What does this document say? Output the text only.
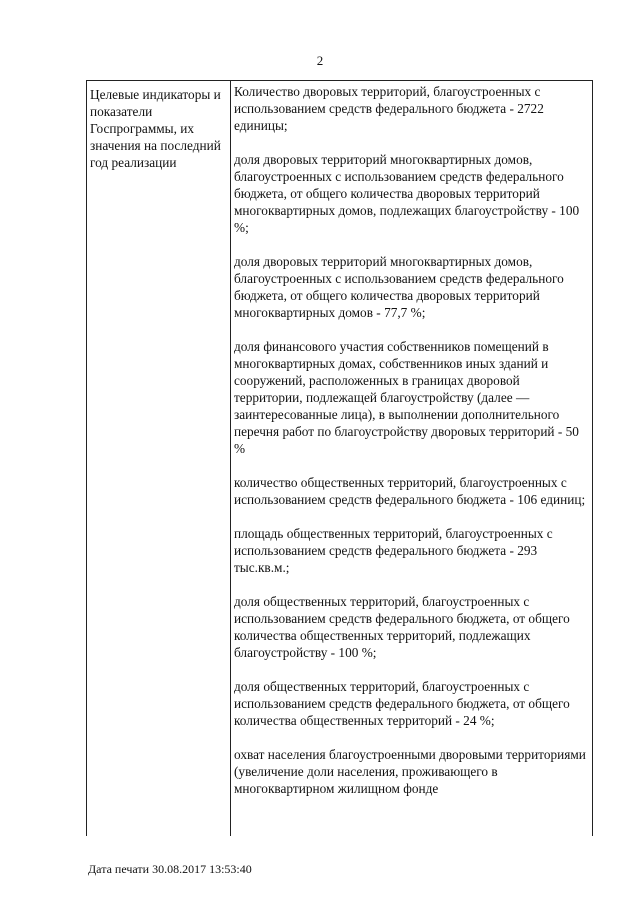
2
Целевые индикаторы и показатели Госпрограммы, их значения на последний год реализации

Количество дворовых территорий, благоустроенных с использованием средств федерального бюджета - 2722 единицы;

доля дворовых территорий многоквартирных домов, благоустроенных с использованием средств федерального бюджета, от общего количества дворовых территорий многоквартирных домов, подлежащих благоустройству - 100 %;

доля дворовых территорий многоквартирных домов, благоустроенных с использованием средств федерального бюджета, от общего количества дворовых территорий многоквартирных домов - 77,7 %;

доля финансового участия собственников помещений в многоквартирных домах, собственников иных зданий и сооружений, расположенных в границах дворовой территории, подлежащей благоустройству (далее — заинтересованные лица), в выполнении дополнительного перечня работ по благоустройству дворовых территорий - 50 %

количество общественных территорий, благоустроенных с использованием средств федерального бюджета - 106 единиц;

площадь общественных территорий, благоустроенных с использованием средств федерального бюджета - 293 тыс.кв.м.;

доля общественных территорий, благоустроенных с использованием средств федерального бюджета, от общего количества общественных территорий, подлежащих благоустройству - 100 %;

доля общественных территорий, благоустроенных с использованием средств федерального бюджета, от общего количества общественных территорий - 24 %;

охват населения благоустроенными дворовыми территориями (увеличение доли населения, проживающего в многоквартирном жилищном фонде

Дата печати 30.08.2017 13:53:40
